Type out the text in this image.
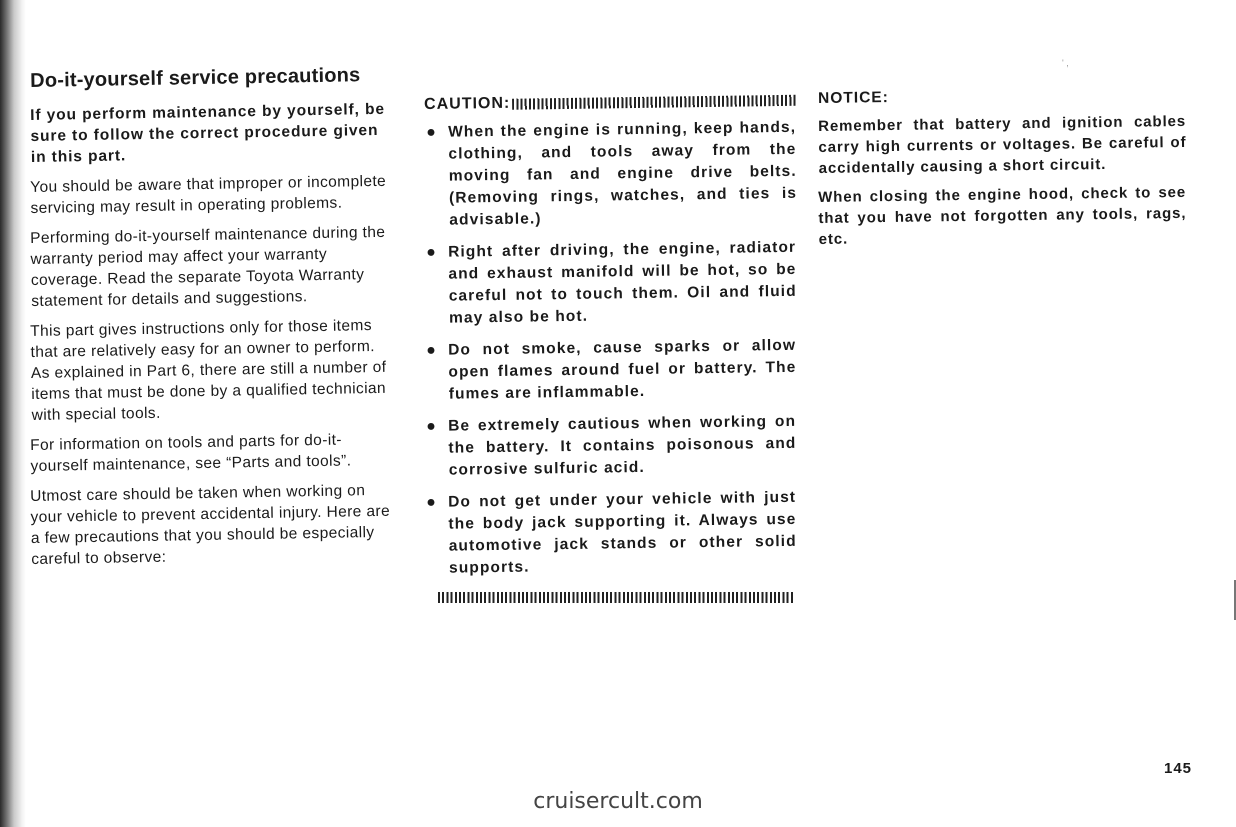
' ,
Do-it-yourself service precautions

If you perform maintenance by yourself, be sure to follow the correct procedure given in this part.

You should be aware that improper or incomplete servicing may result in operating problems.

Performing do-it-yourself maintenance during the warranty period may affect your warranty coverage. Read the separate Toyota Warranty statement for details and suggestions.

This part gives instructions only for those items that are relatively easy for an owner to perform. As explained in Part 6, there are still a number of items that must be done by a qualified technician with special tools.

For information on tools and parts for do-it-yourself maintenance, see “Parts and tools”.

Utmost care should be taken when working on your vehicle to prevent accidental injury. Here are a few precautions that you should be especially careful to observe:

CAUTION:
● When the engine is running, keep hands, clothing, and tools away from the moving fan and engine drive belts. (Removing rings, watches, and ties is advisable.)
● Right after driving, the engine, radiator and exhaust manifold will be hot, so be careful not to touch them. Oil and fluid may also be hot.
● Do not smoke, cause sparks or allow open flames around fuel or battery. The fumes are inflammable.
● Be extremely cautious when working on the battery. It contains poisonous and corrosive sulfuric acid.
● Do not get under your vehicle with just the body jack supporting it. Always use automotive jack stands or other solid supports.
NOTICE:

Remember that battery and ignition cables carry high currents or voltages. Be careful of accidentally causing a short circuit.

When closing the engine hood, check to see that you have not forgotten any tools, rags, etc.

145
cruisercult.com
